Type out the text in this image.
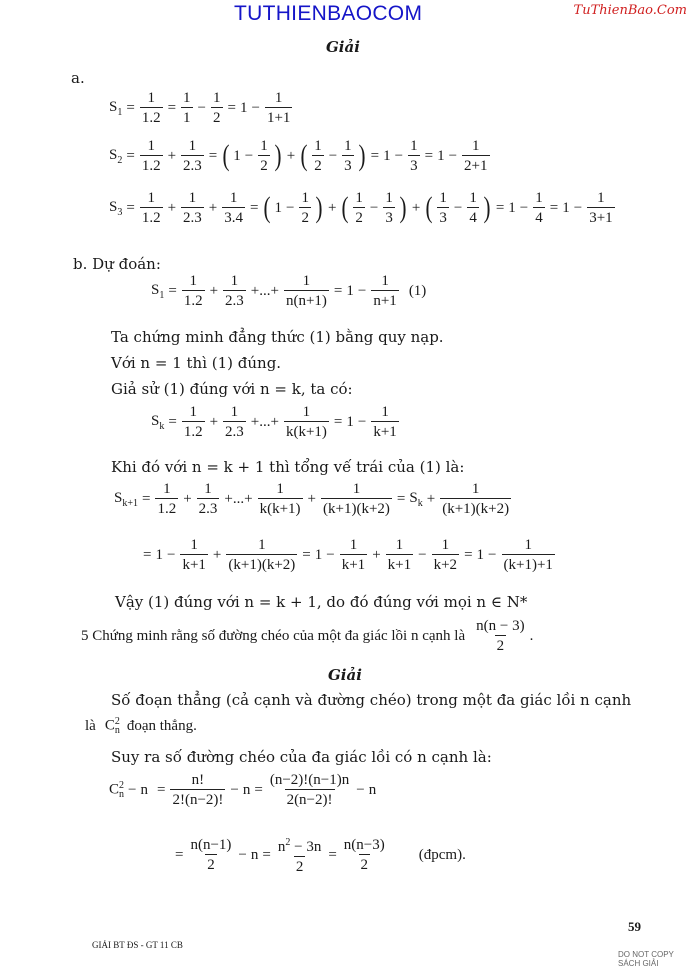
TUTHIENBAOCOM	TuThienBao.Com
Giải
a.
$S_1 = \frac{1}{1.2} = \frac{1}{1} - \frac{1}{2} = 1 - \frac{1}{1+1}$
$S_2 = \frac{1}{1.2} + \frac{1}{2.3}$ = ( $1 - \frac{1}{2}$ ) + ( 1
2
− $\frac{1}{3}$ ) = $1 - \frac{1}{3} = 1 - \frac{1}{2+1}$
$S_3 = \frac{1}{1.2} + \frac{1}{2.3} + \frac{1}{3.4}$ = ( $1 - \frac{1}{2}$ ) + ( 1
2
− $\frac{1}{3}$ ) + ( 1
3
− $\frac{1}{4}$ ) = $1 - \frac{1}{4} = 1 - \frac{1}{3+1}$
b. Dự đoán:
$S_1 = \frac{1}{1.2} + \frac{1}{2.3}$ +...+ $\frac{1}{n(n+1)} = 1 - \frac{1}{n+1} (1)$
Ta chứng minh đẳng thức (1) bằng quy nạp.
Với n = 1 thì (1) đúng.
Giả sử (1) đúng với n = k, ta có:
$S_k = \frac{1}{1.2} + \frac{1}{2.3}$ +...+ $\frac{1}{k(k+1)} = 1 - \frac{1}{k+1}$
Khi đó với n = k + 1 thì tổng vế trái của (1) là:
$S_{k+1} = \frac{1}{1.2} + \frac{1}{2.3}$ +...+ $\frac{1}{k(k+1)} + \frac{1}{(k+1)(k+2)} = S_k + \frac{1}{(k+1)(k+2)}$
= $1 - \frac{1}{k+1} + \frac{1}{(k+1)(k+2)} = 1 - \frac{1}{k+1} + \frac{1}{k+1} - \frac{1}{k+2} = 1 - \frac{1}{(k+1)+1}$
Vậy (1) đúng với n = k + 1, do đó đúng với mọi n ∈ N*
5 Chứng minh rằng số đường chéo của một đa giác lồi n cạnh là $\frac{n(n - 3)}{2}$ .
Giải
Số đoạn thẳng (cả cạnh và đường chéo) trong một đa giác lồi n cạnh
là C 2
n đoạn thẳng.
Suy ra số đường chéo của đa giác lồi có n cạnh là:
C 2
$n - n = \frac{n!}{2!(n-2)!} - n = \frac{(n-2)!(n-1)n}{2(n-2)!} - n$
= $\frac{n(n-1)}{2} - n = \frac{n^2 - 3n}{2} = \frac{n(n-3)}{2}$ (đpcm).
59
GIẢI BT ĐS - GT 11 CB
DO NOT COPY SÁCH GIẢI
